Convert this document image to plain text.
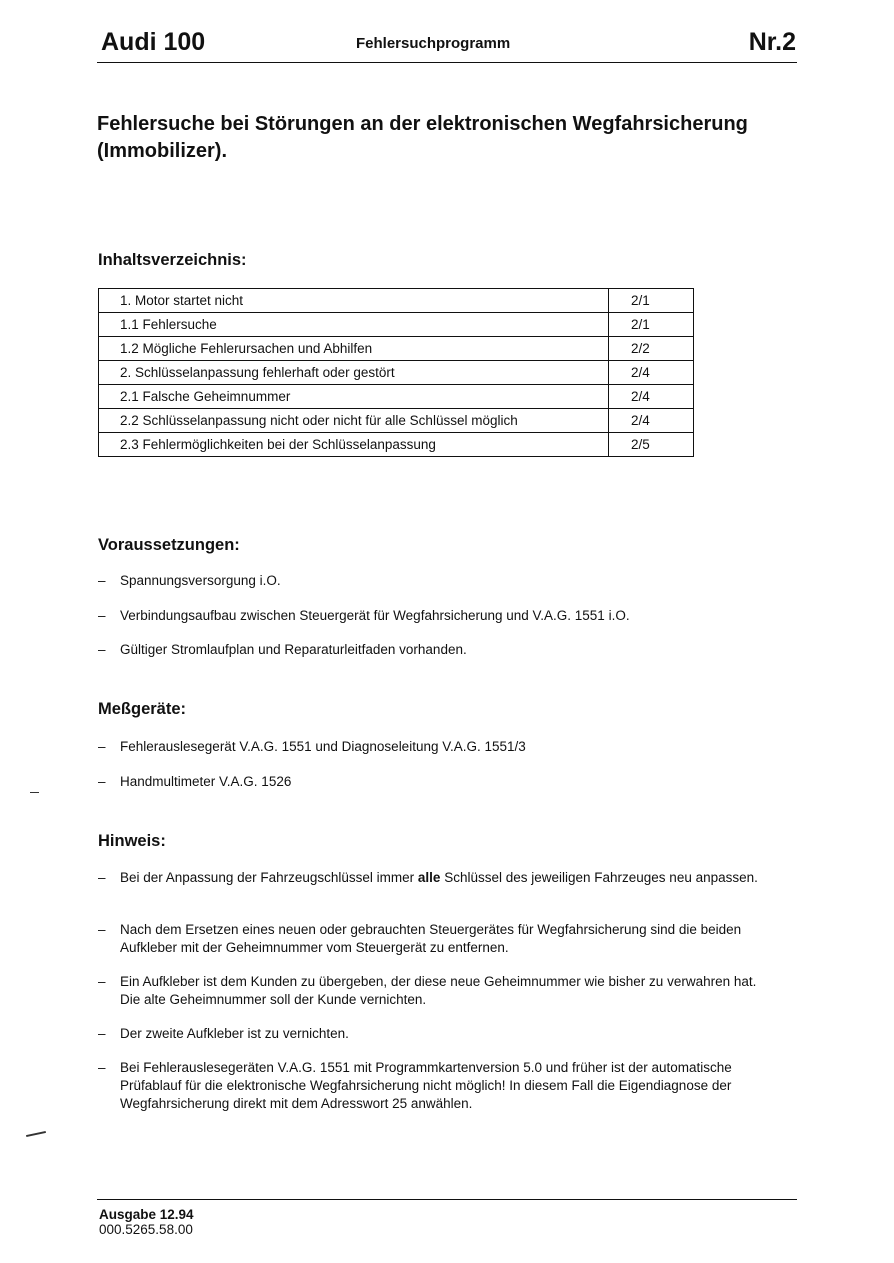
Audi 100	Fehlersuchprogramm	Nr.2
Fehlersuche bei Störungen an der elektronischen Wegfahrsicherung (Immobilizer).
Inhaltsverzeichnis:
1. Motor startet nicht	2/1
1.1 Fehlersuche	2/1
1.2 Mögliche Fehlerursachen und Abhilfen	2/2
2. Schlüsselanpassung fehlerhaft oder gestört	2/4
2.1 Falsche Geheimnummer	2/4
2.2 Schlüsselanpassung nicht oder nicht für alle Schlüssel möglich	2/4
2.3 Fehlermöglichkeiten bei der Schlüsselanpassung	2/5
Voraussetzungen:
– Spannungsversorgung i.O.
– Verbindungsaufbau zwischen Steuergerät für Wegfahrsicherung und V.A.G. 1551 i.O.
– Gültiger Stromlaufplan und Reparaturleitfaden vorhanden.
Meßgeräte:
– Fehlerauslesegerät V.A.G. 1551 und Diagnoseleitung V.A.G. 1551/3
– Handmultimeter V.A.G. 1526
Hinweis:
– Bei der Anpassung der Fahrzeugschlüssel immer alle Schlüssel des jeweiligen Fahrzeuges neu anpassen.
– Nach dem Ersetzen eines neuen oder gebrauchten Steuergerätes für Wegfahrsicherung sind die beiden Aufkleber mit der Geheimnummer vom Steuergerät zu entfernen.
– Ein Aufkleber ist dem Kunden zu übergeben, der diese neue Geheimnummer wie bisher zu verwahren hat. Die alte Geheimnummer soll der Kunde vernichten.
– Der zweite Aufkleber ist zu vernichten.
– Bei Fehlerauslesegeräten V.A.G. 1551 mit Programmkartenversion 5.0 und früher ist der automatische Prüfablauf für die elektronische Wegfahrsicherung nicht möglich! In diesem Fall die Eigendiagnose der Wegfahrsicherung direkt mit dem Adresswort 25 anwählen.
Ausgabe 12.94
000.5265.58.00
